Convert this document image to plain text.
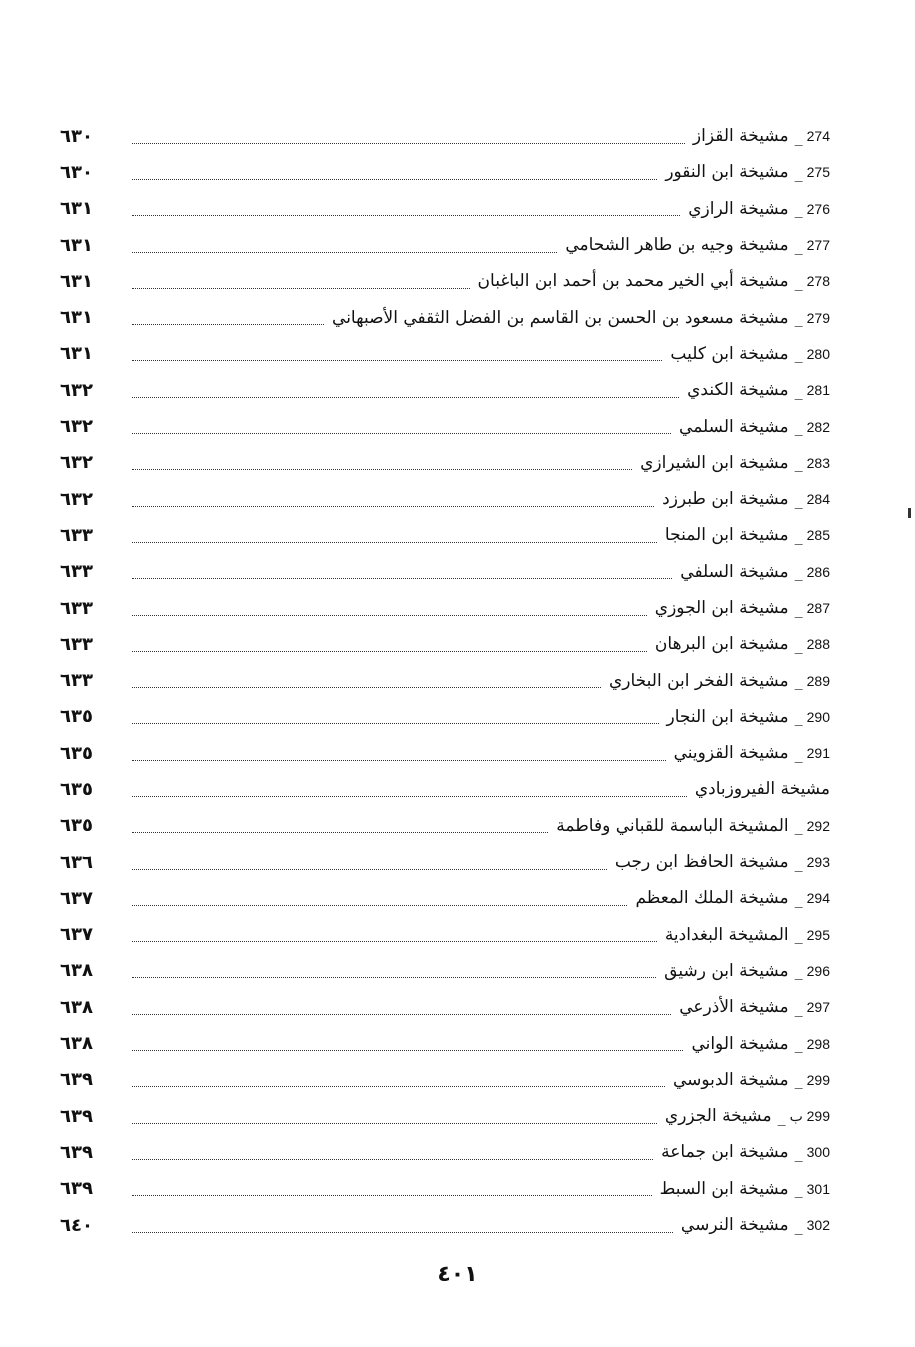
274
_
مشيخة القزاز
٦٣٠
275
_
مشيخة ابن النقور
٦٣٠
276
_
مشيخة الرازي
٦٣١
277
_
مشيخة وجيه بن طاهر الشحامي
٦٣١
278
_
مشيخة أبي الخير محمد بن أحمد ابن الباغبان
٦٣١
279
_
مشيخة مسعود بن الحسن بن القاسم بن الفضل الثقفي الأصبهاني
٦٣١
280
_
مشيخة ابن كليب
٦٣١
281
_
مشيخة الكندي
٦٣٢
282
_
مشيخة السلمي
٦٣٢
283
_
مشيخة ابن الشيرازي
٦٣٢
284
_
مشيخة ابن طبرزد
٦٣٢
285
_
مشيخة ابن المنجا
٦٣٣
286
_
مشيخة السلفي
٦٣٣
287
_
مشيخة ابن الجوزي
٦٣٣
288
_
مشيخة ابن البرهان
٦٣٣
289
_
مشيخة الفخر ابن البخاري
٦٣٣
290
_
مشيخة ابن النجار
٦٣٥
291
_
مشيخة القزويني
٦٣٥
مشيخة الفيروزبادي
٦٣٥
292
_
المشيخة الباسمة للقباني وفاطمة
٦٣٥
293
_
مشيخة الحافظ ابن رجب
٦٣٦
294
_
مشيخة الملك المعظم
٦٣٧
295
_
المشيخة البغدادية
٦٣٧
296
_
مشيخة ابن رشيق
٦٣٨
297
_
مشيخة الأذرعي
٦٣٨
298
_
مشيخة الواني
٦٣٨
299
_
مشيخة الدبوسي
٦٣٩
299 ب
_
مشيخة الجزري
٦٣٩
300
_
مشيخة ابن جماعة
٦٣٩
301
_
مشيخة ابن السبط
٦٣٩
302
_
مشيخة النرسي
٦٤٠
٤٠١
